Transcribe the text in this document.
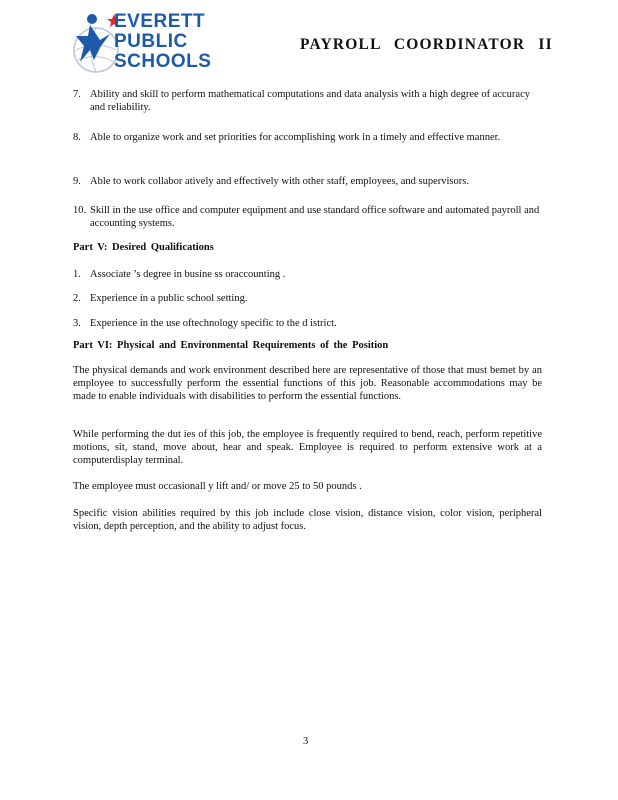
EVERETT
PUBLIC
SCHOOLS
PAYROLL COORDINATOR II
7. Ability and skill to perform mathematical computations and data analysis with a high degree of accuracy and reliability.
8. Able to organize work and set priorities for accomplishing work in a timely and effective manner.
9. Able to work collabor atively and effectively with other staff, employees, and supervisors.
10. Skill in the use office and computer equipment and use standard office software and automated payroll and accounting systems.
Part V: Desired Qualifications
1. Associate ’s degree in busine ss oraccounting .
2. Experience in a public school setting.
3. Experience in the use oftechnology specific to the d istrict.
Part VI: Physical and Environmental Requirements of the Position
The physical demands and work environment described here are representative of those that must bemet by an employee to successfully perform the essential functions of this job. Reasonable accommodations may be made to enable individuals with disabilities to perform the essential functions.
While performing the dut ies of this job, the employee is frequently required to bend, reach, perform repetitive motions, sit, stand, move about, hear and speak. Employee is required to perform extensive work at a computerdisplay terminal.
The employee must occasionall y lift and/ or move 25 to 50 pounds .
Specific vision abilities required by this job include close vision, distance vision, color vision, peripheral vision, depth perception, and the ability to adjust focus.
3
